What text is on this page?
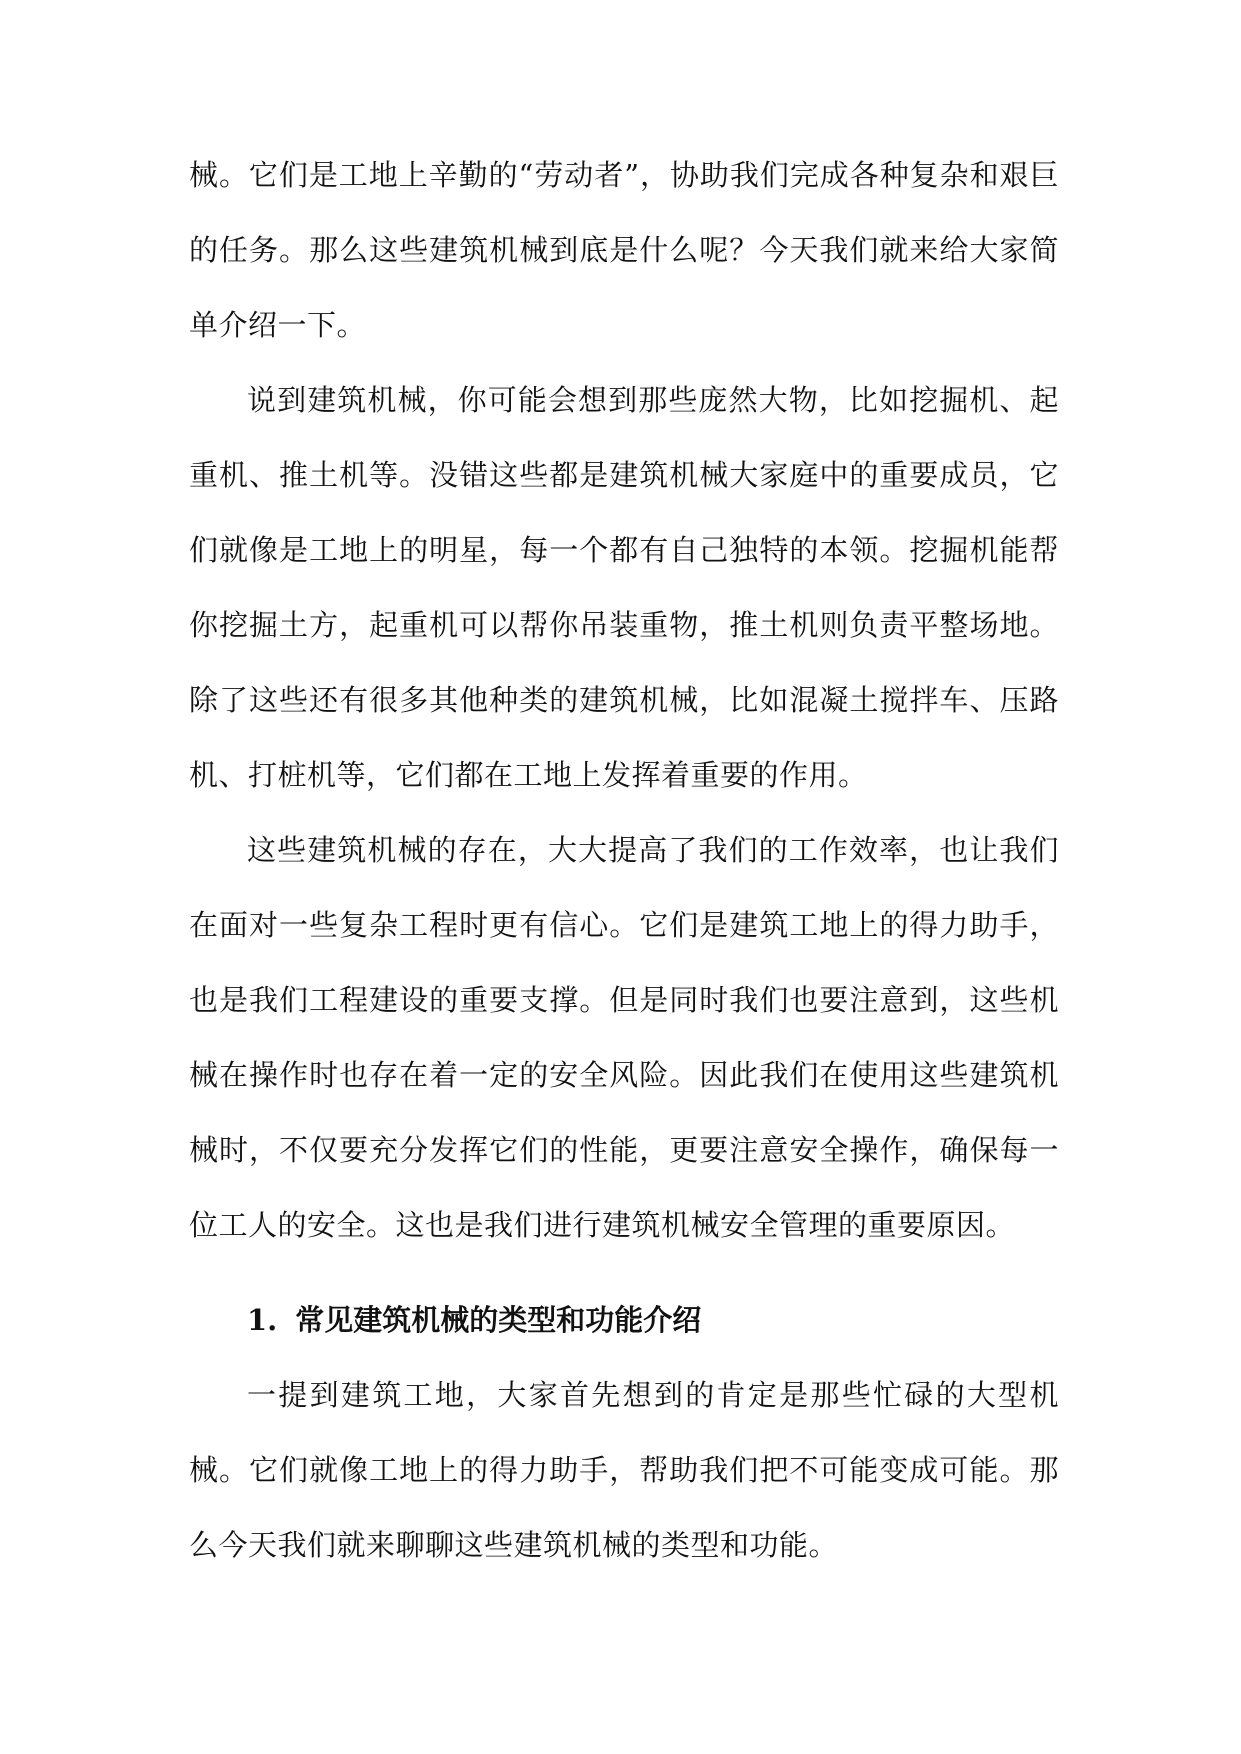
械。它们是工地上辛勤的“劳动者”，协助我们完成各种复杂和艰巨的任务。那么这些建筑机械到底是什么呢？今天我们就来给大家简单介绍一下。

说到建筑机械，你可能会想到那些庞然大物，比如挖掘机、起重机、推土机等。没错这些都是建筑机械大家庭中的重要成员，它们就像是工地上的明星，每一个都有自己独特的本领。挖掘机能帮你挖掘土方，起重机可以帮你吊装重物，推土机则负责平整场地。除了这些还有很多其他种类的建筑机械，比如混凝土搅拌车、压路机、打桩机等，它们都在工地上发挥着重要的作用。

这些建筑机械的存在，大大提高了我们的工作效率，也让我们在面对一些复杂工程时更有信心。它们是建筑工地上的得力助手，也是我们工程建设的重要支撑。但是同时我们也要注意到，这些机械在操作时也存在着一定的安全风险。因此我们在使用这些建筑机械时，不仅要充分发挥它们的性能，更要注意安全操作，确保每一位工人的安全。这也是我们进行建筑机械安全管理的重要原因。

1. 常见建筑机械的类型和功能介绍

一提到建筑工地，大家首先想到的肯定是那些忙碌的大型机械。它们就像工地上的得力助手，帮助我们把不可能变成可能。那么今天我们就来聊聊这些建筑机械的类型和功能。
